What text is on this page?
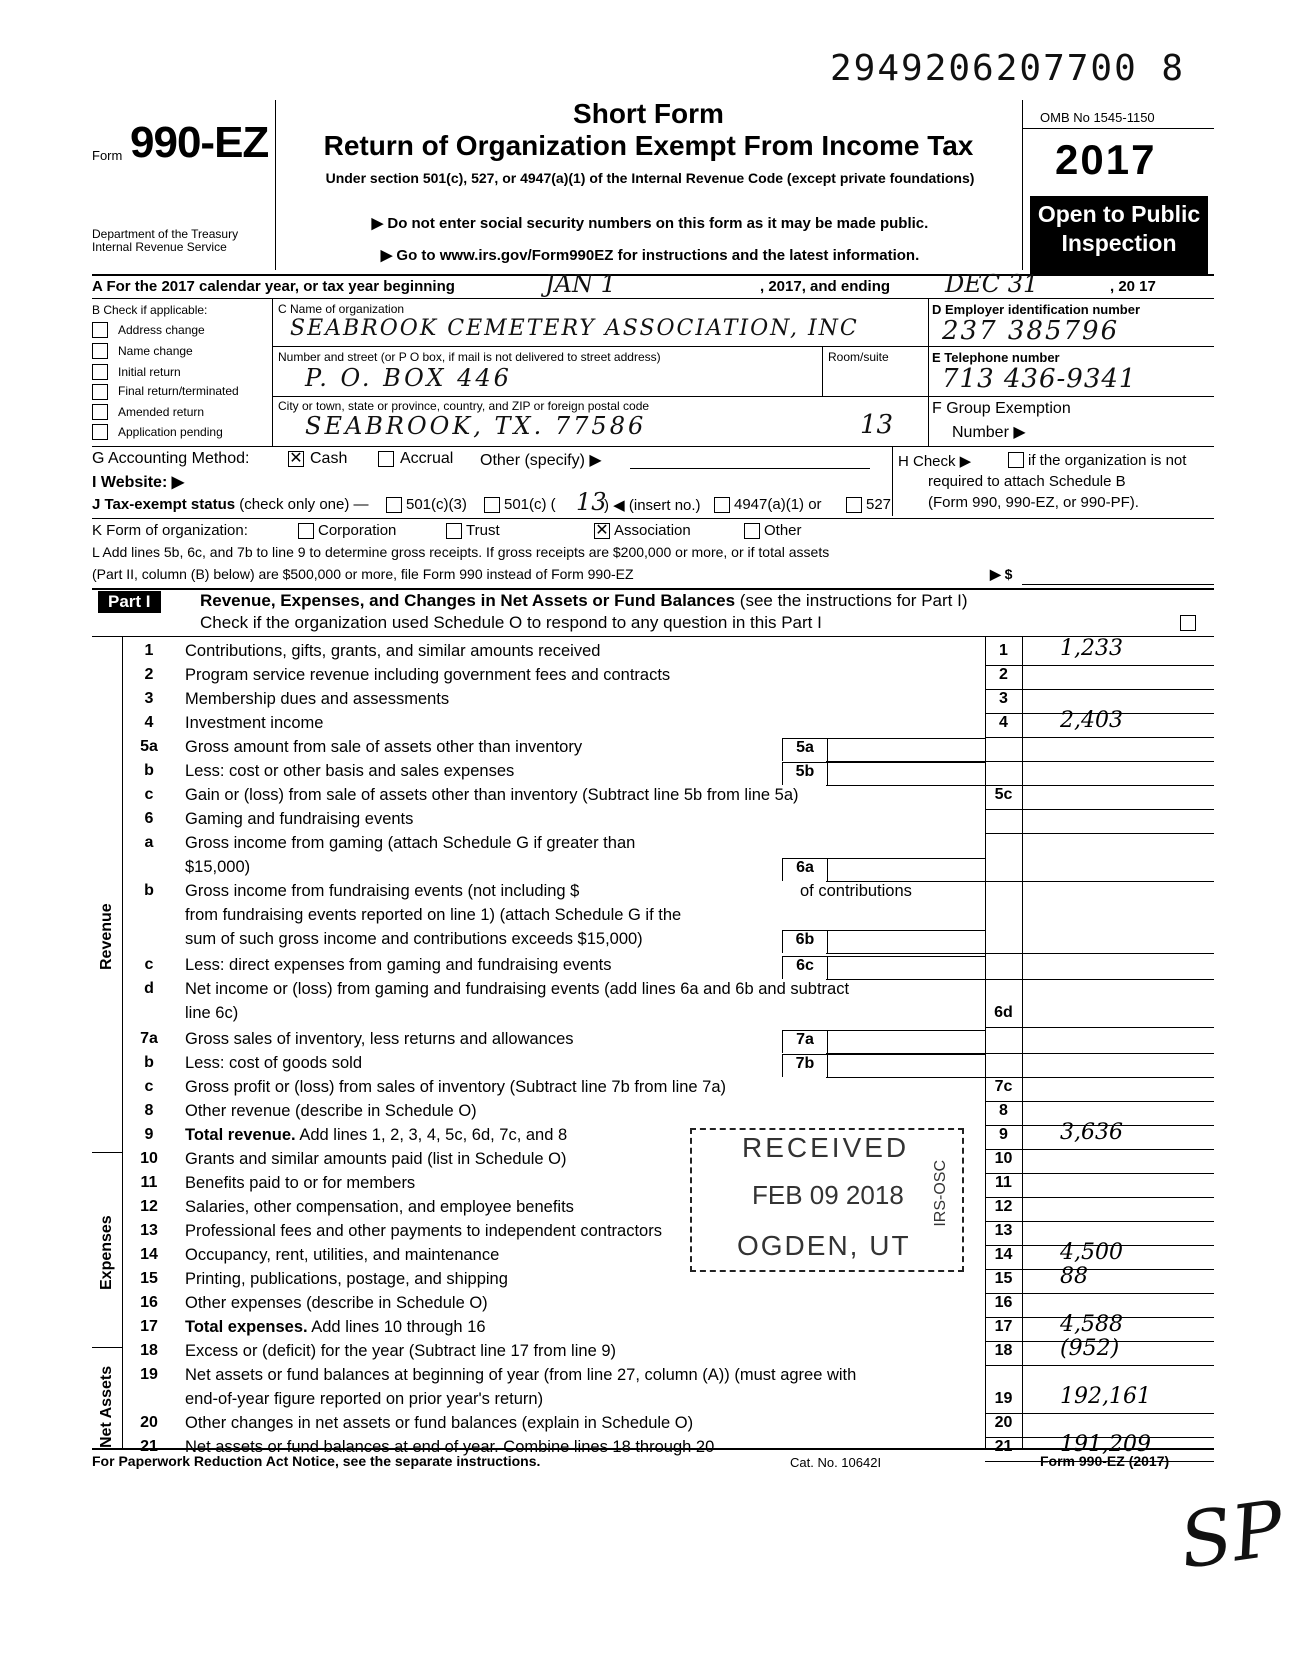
2949206207700 8
Form 990-EZ
Department of the Treasury
Internal Revenue Service
Short Form
Return of Organization Exempt From Income Tax
Under section 501(c), 527, or 4947(a)(1) of the Internal Revenue Code (except private foundations)
▶ Do not enter social security numbers on this form as it may be made public.
▶ Go to www.irs.gov/Form990EZ for instructions and the latest information.
OMB No 1545-1150
2017
Open to Public Inspection
A For the 2017 calendar year, or tax year beginning	JAN 1	, 2017, and ending DEC 31	, 20 17
B Check if applicable:
Address change
Name change
Initial return
Final return/terminated
Amended return
Application pending
C Name of organization
SEABROOK CEMETERY ASSOCIATION, INC
Number and street (or P O box, if mail is not delivered to street address)	Room/suite
P. O. BOX 446
City or town, state or province, country, and ZIP or foreign postal code
SEABROOK, TX. 77586	13
D Employer identification number
237 385796
E Telephone number
713 436-9341
F Group Exemption
Number ▶
G Accounting Method: ✕ Cash	Accrual Other (specify) ▶	H Check ▶	if the organization is not
required to attach Schedule B
(Form 990, 990-EZ, or 990-PF).
I Website: ▶
J Tax-exempt status (check only one) — 501(c)(3) 501(c) ( 13
) ◀ (insert no.) 4947(a)(1) or	527
K Form of organization:	Corporation	Trust	✕ Association	Other
L Add lines 5b, 6c, and 7b to line 9 to determine gross receipts. If gross receipts are $200,000 or more, or if total assets
(Part II, column (B) below) are $500,000 or more, file Form 990 instead of Form 990-EZ	▶ $
Part I	Revenue, Expenses, and Changes in Net Assets or Fund Balances (see the instructions for Part I)
Check if the organization used Schedule O to respond to any question in this Part I
Revenue
Expenses
Net Assets
1	Contributions, gifts, grants, and similar amounts received	1	1,233
2	Program service revenue including government fees and contracts	2
3	Membership dues and assessments	3
4	Investment income	4	2,403
5a	Gross amount from sale of assets other than inventory	5a
b	Less: cost or other basis and sales expenses	5b
c	Gain or (loss) from sale of assets other than inventory (Subtract line 5b from line 5a)	5c
6	Gaming and fundraising events
a	Gross income from gaming (attach Schedule G if greater than
$15,000)	6a
b	Gross income from fundraising events (not including $	of contributions
from fundraising events reported on line 1) (attach Schedule G if the
sum of such gross income and contributions exceeds $15,000)	6b
c	Less: direct expenses from gaming and fundraising events	6c
d	Net income or (loss) from gaming and fundraising events (add lines 6a and 6b and subtract
line 6c)	6d
7a	Gross sales of inventory, less returns and allowances	7a
b	Less: cost of goods sold	7b
c	Gross profit or (loss) from sales of inventory (Subtract line 7b from line 7a)	7c
8	Other revenue (describe in Schedule O)	8
9	Total revenue. Add lines 1, 2, 3, 4, 5c, 6d, 7c, and 8	9	3,636
10	Grants and similar amounts paid (list in Schedule O)	10
11	Benefits paid to or for members	11
12	Salaries, other compensation, and employee benefits	12
13	Professional fees and other payments to independent contractors	13
14	Occupancy, rent, utilities, and maintenance	14	4,500
15	Printing, publications, postage, and shipping	15	88
16	Other expenses (describe in Schedule O)	16
17	Total expenses. Add lines 10 through 16	17	4,588
18	Excess or (deficit) for the year (Subtract line 17 from line 9)	18	(952)
19	Net assets or fund balances at beginning of year (from line 27, column (A)) (must agree with
end-of-year figure reported on prior year's return)	19	192,161
20	Other changes in net assets or fund balances (explain in Schedule O)	20
21	Net assets or fund balances at end of year. Combine lines 18 through 20	21	191,209
RECEIVED
FEB 09 2018
OGDEN, UT
IRS-OSC
For Paperwork Reduction Act Notice, see the separate instructions.	Cat. No. 10642I	Form 990-EZ (2017)
SP
